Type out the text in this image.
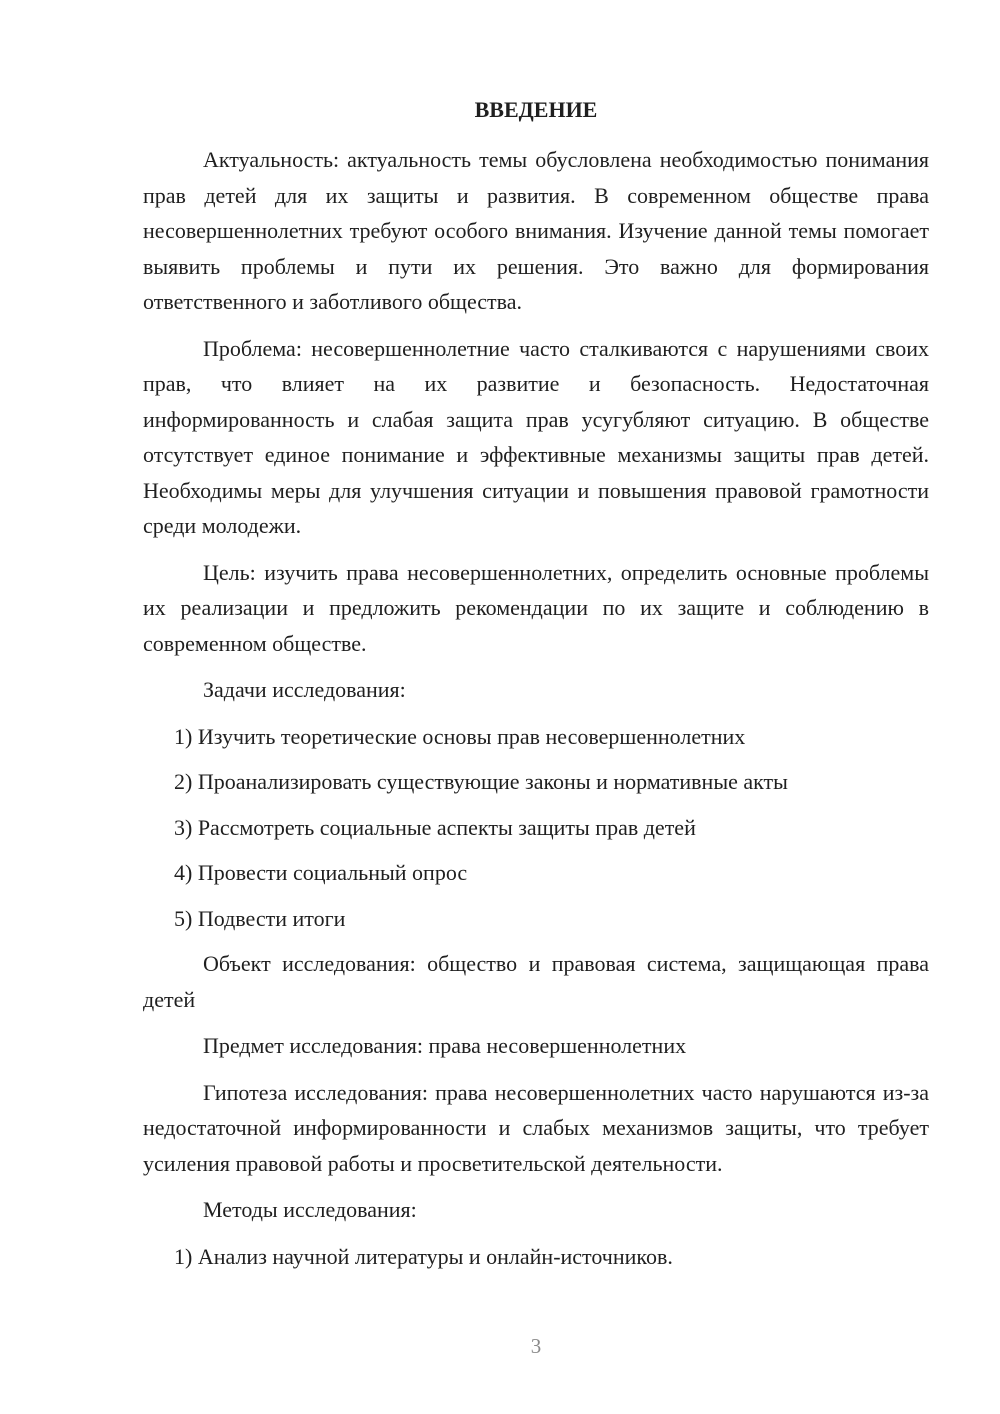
ВВЕДЕНИЕ

Актуальность: актуальность темы обусловлена необходимостью понимания прав детей для их защиты и развития. В современном обществе права несовершеннолетних требуют особого внимания. Изучение данной темы помогает выявить проблемы и пути их решения. Это важно для формирования ответственного и заботливого общества.

Проблема: несовершеннолетние часто сталкиваются с нарушениями своих прав, что влияет на их развитие и безопасность. Недостаточная информированность и слабая защита прав усугубляют ситуацию. В обществе отсутствует единое понимание и эффективные механизмы защиты прав детей. Необходимы меры для улучшения ситуации и повышения правовой грамотности среди молодежи.

Цель: изучить права несовершеннолетних, определить основные проблемы их реализации и предложить рекомендации по их защите и соблюдению в современном обществе.

Задачи исследования:

1) Изучить теоретические основы прав несовершеннолетних

2) Проанализировать существующие законы и нормативные акты

3) Рассмотреть социальные аспекты защиты прав детей

4) Провести социальный опрос

5) Подвести итоги

Объект исследования: общество и правовая система, защищающая права детей

Предмет исследования: права несовершеннолетних

Гипотеза исследования: права несовершеннолетних часто нарушаются из-за недостаточной информированности и слабых механизмов защиты, что требует усиления правовой работы и просветительской деятельности.

Методы исследования:

1) Анализ научной литературы и онлайн-источников.

3
